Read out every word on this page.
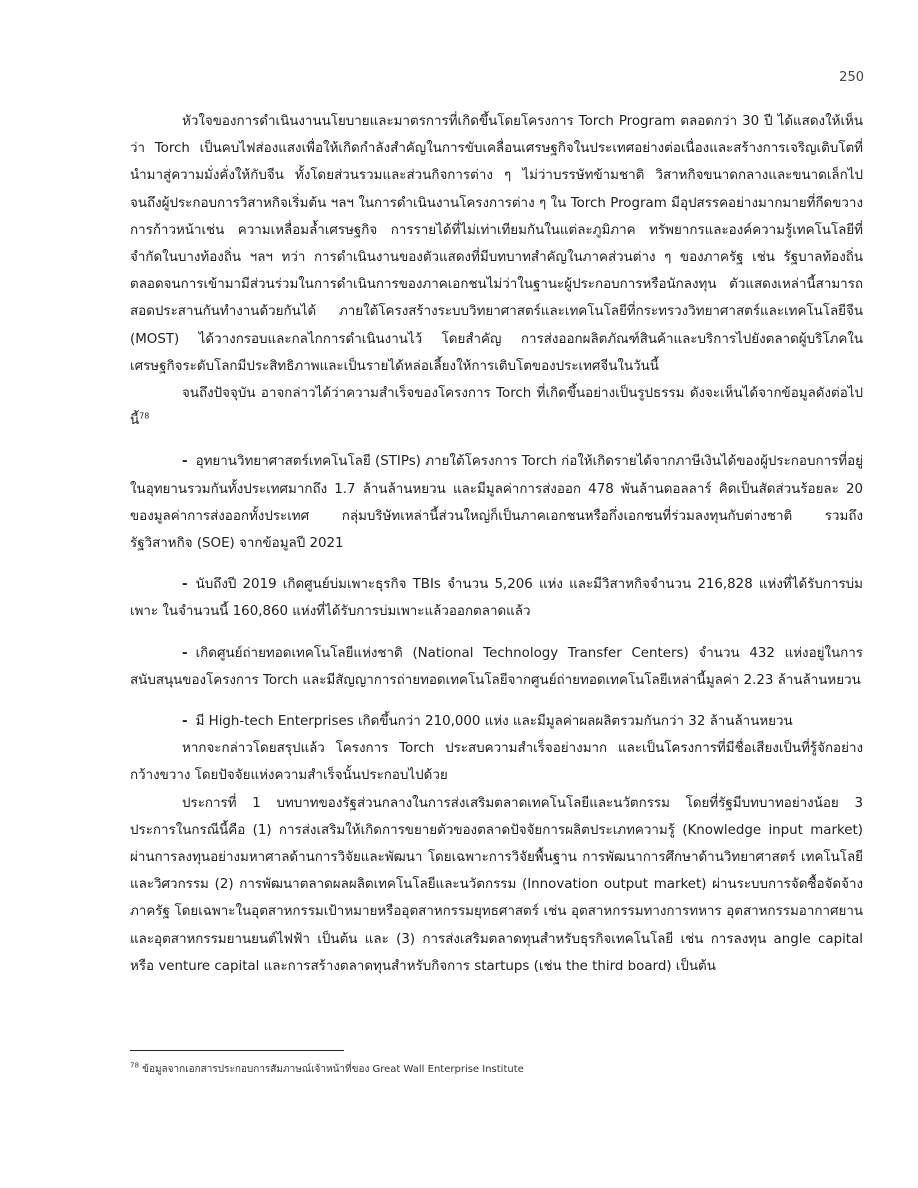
250

หัวใจของการดำเนินงานนโยบายและมาตรการที่เกิดขึ้นโดยโครงการ Torch Program ตลอดกว่า 30 ปี ได้แสดงให้เห็นว่า Torch เป็นคบไฟส่องแสงเพื่อให้เกิดกำลังสำคัญในการขับเคลื่อนเศรษฐกิจในประเทศอย่างต่อเนื่องและสร้างการเจริญเติบโตที่นำมาสู่ความมั่งคั่งให้กับจีน ทั้งโดยส่วนรวมและส่วนกิจการต่าง ๆ ไม่ว่าบรรษัทข้ามชาติ วิสาหกิจขนาดกลางและขนาดเล็กไปจนถึงผู้ประกอบการวิสาหกิจเริ่มต้น ฯลฯ ในการดำเนินงานโครงการต่าง ๆ ใน Torch Program มีอุปสรรคอย่างมากมายที่กีดขวางการก้าวหน้าเช่น ความเหลื่อมล้ำเศรษฐกิจ การรายได้ที่ไม่เท่าเทียมกันในแต่ละภูมิภาค ทรัพยากรและองค์ความรู้เทคโนโลยีที่จำกัดในบางท้องถิ่น ฯลฯ ทว่า การดำเนินงานของตัวแสดงที่มีบทบาทสำคัญในภาคส่วนต่าง ๆ ของภาครัฐ เช่น รัฐบาลท้องถิ่น ตลอดจนการเข้ามามีส่วนร่วมในการดำเนินการของภาคเอกชนไม่ว่าในฐานะผู้ประกอบการหรือนักลงทุน ตัวแสดงเหล่านี้สามารถสอดประสานกันทำงานด้วยกันได้ ภายใต้โครงสร้างระบบวิทยาศาสตร์และเทคโนโลยีที่กระทรวงวิทยาศาสตร์และเทคโนโลยีจีน (MOST) ได้วางกรอบและกลไกการดำเนินงานไว้ โดยสำคัญ การส่งออกผลิตภัณฑ์สินค้าและบริการไปยังตลาดผู้บริโภคในเศรษฐกิจระดับโลกมีประสิทธิภาพและเป็นรายได้หล่อเลี้ยงให้การเติบโตของประเทศจีนในวันนี้

จนถึงปัจจุบัน อาจกล่าวได้ว่าความสำเร็จของโครงการ Torch ที่เกิดขึ้นอย่างเป็นรูปธรรม ดังจะเห็นได้จากข้อมูลดังต่อไปนี้$^{78}$

- อุทยานวิทยาศาสตร์เทคโนโลยี (STIPs) ภายใต้โครงการ Torch ก่อให้เกิดรายได้จากภาษีเงินได้ของผู้ประกอบการที่อยู่ในอุทยานรวมกันทั้งประเทศมากถึง 1.7 ล้านล้านหยวน และมีมูลค่าการส่งออก 478 พันล้านดอลลาร์ คิดเป็นสัดส่วนร้อยละ 20 ของมูลค่าการส่งออกทั้งประเทศ กลุ่มบริษัทเหล่านี้ส่วนใหญ่ก็เป็นภาคเอกชนหรือกึ่งเอกชนที่ร่วมลงทุนกับต่างชาติ รวมถึงรัฐวิสาหกิจ (SOE) จากข้อมูลปี 2021

- นับถึงปี 2019 เกิดศูนย์บ่มเพาะธุรกิจ TBIs จำนวน 5,206 แห่ง และมีวิสาหกิจจำนวน 216,828 แห่งที่ได้รับการบ่มเพาะ ในจำนวนนี้ 160,860 แห่งที่ได้รับการบ่มเพาะแล้วออกตลาดแล้ว

- เกิดศูนย์ถ่ายทอดเทคโนโลยีแห่งชาติ (National Technology Transfer Centers) จำนวน 432 แห่งอยู่ในการสนับสนุนของโครงการ Torch และมีสัญญาการถ่ายทอดเทคโนโลยีจากศูนย์ถ่ายทอดเทคโนโลยีเหล่านี้มูลค่า 2.23 ล้านล้านหยวน

- มี High-tech Enterprises เกิดขึ้นกว่า 210,000 แห่ง และมีมูลค่าผลผลิตรวมกันกว่า 32 ล้านล้านหยวน

หากจะกล่าวโดยสรุปแล้ว โครงการ Torch ประสบความสำเร็จอย่างมาก และเป็นโครงการที่มีชื่อเสียงเป็นที่รู้จักอย่างกว้างขวาง โดยปัจจัยแห่งความสำเร็จนั้นประกอบไปด้วย

ประการที่ 1 บทบาทของรัฐส่วนกลางในการส่งเสริมตลาดเทคโนโลยีและนวัตกรรม โดยที่รัฐมีบทบาทอย่างน้อย 3 ประการในกรณีนี้คือ (1) การส่งเสริมให้เกิดการขยายตัวของตลาดปัจจัยการผลิตประเภทความรู้ (Knowledge input market) ผ่านการลงทุนอย่างมหาศาลด้านการวิจัยและพัฒนา โดยเฉพาะการวิจัยพื้นฐาน การพัฒนาการศึกษาด้านวิทยาศาสตร์ เทคโนโลยี และวิศวกรรม (2) การพัฒนาตลาดผลผลิตเทคโนโลยีและนวัตกรรม (Innovation output market) ผ่านระบบการจัดซื้อจัดจ้างภาครัฐ โดยเฉพาะในอุตสาหกรรมเป้าหมายหรืออุตสาหกรรมยุทธศาสตร์ เช่น อุตสาหกรรมทางการทหาร อุตสาหกรรมอากาศยาน และอุตสาหกรรมยานยนต์ไฟฟ้า เป็นต้น และ (3) การส่งเสริมตลาดทุนสำหรับธุรกิจเทคโนโลยี เช่น การลงทุน angle capital หรือ venture capital และการสร้างตลาดทุนสำหรับกิจการ startups (เช่น the third board) เป็นต้น

$^{78}$ ข้อมูลจากเอกสารประกอบการสัมภาษณ์เจ้าหน้าที่ของ Great Wall Enterprise Institute
